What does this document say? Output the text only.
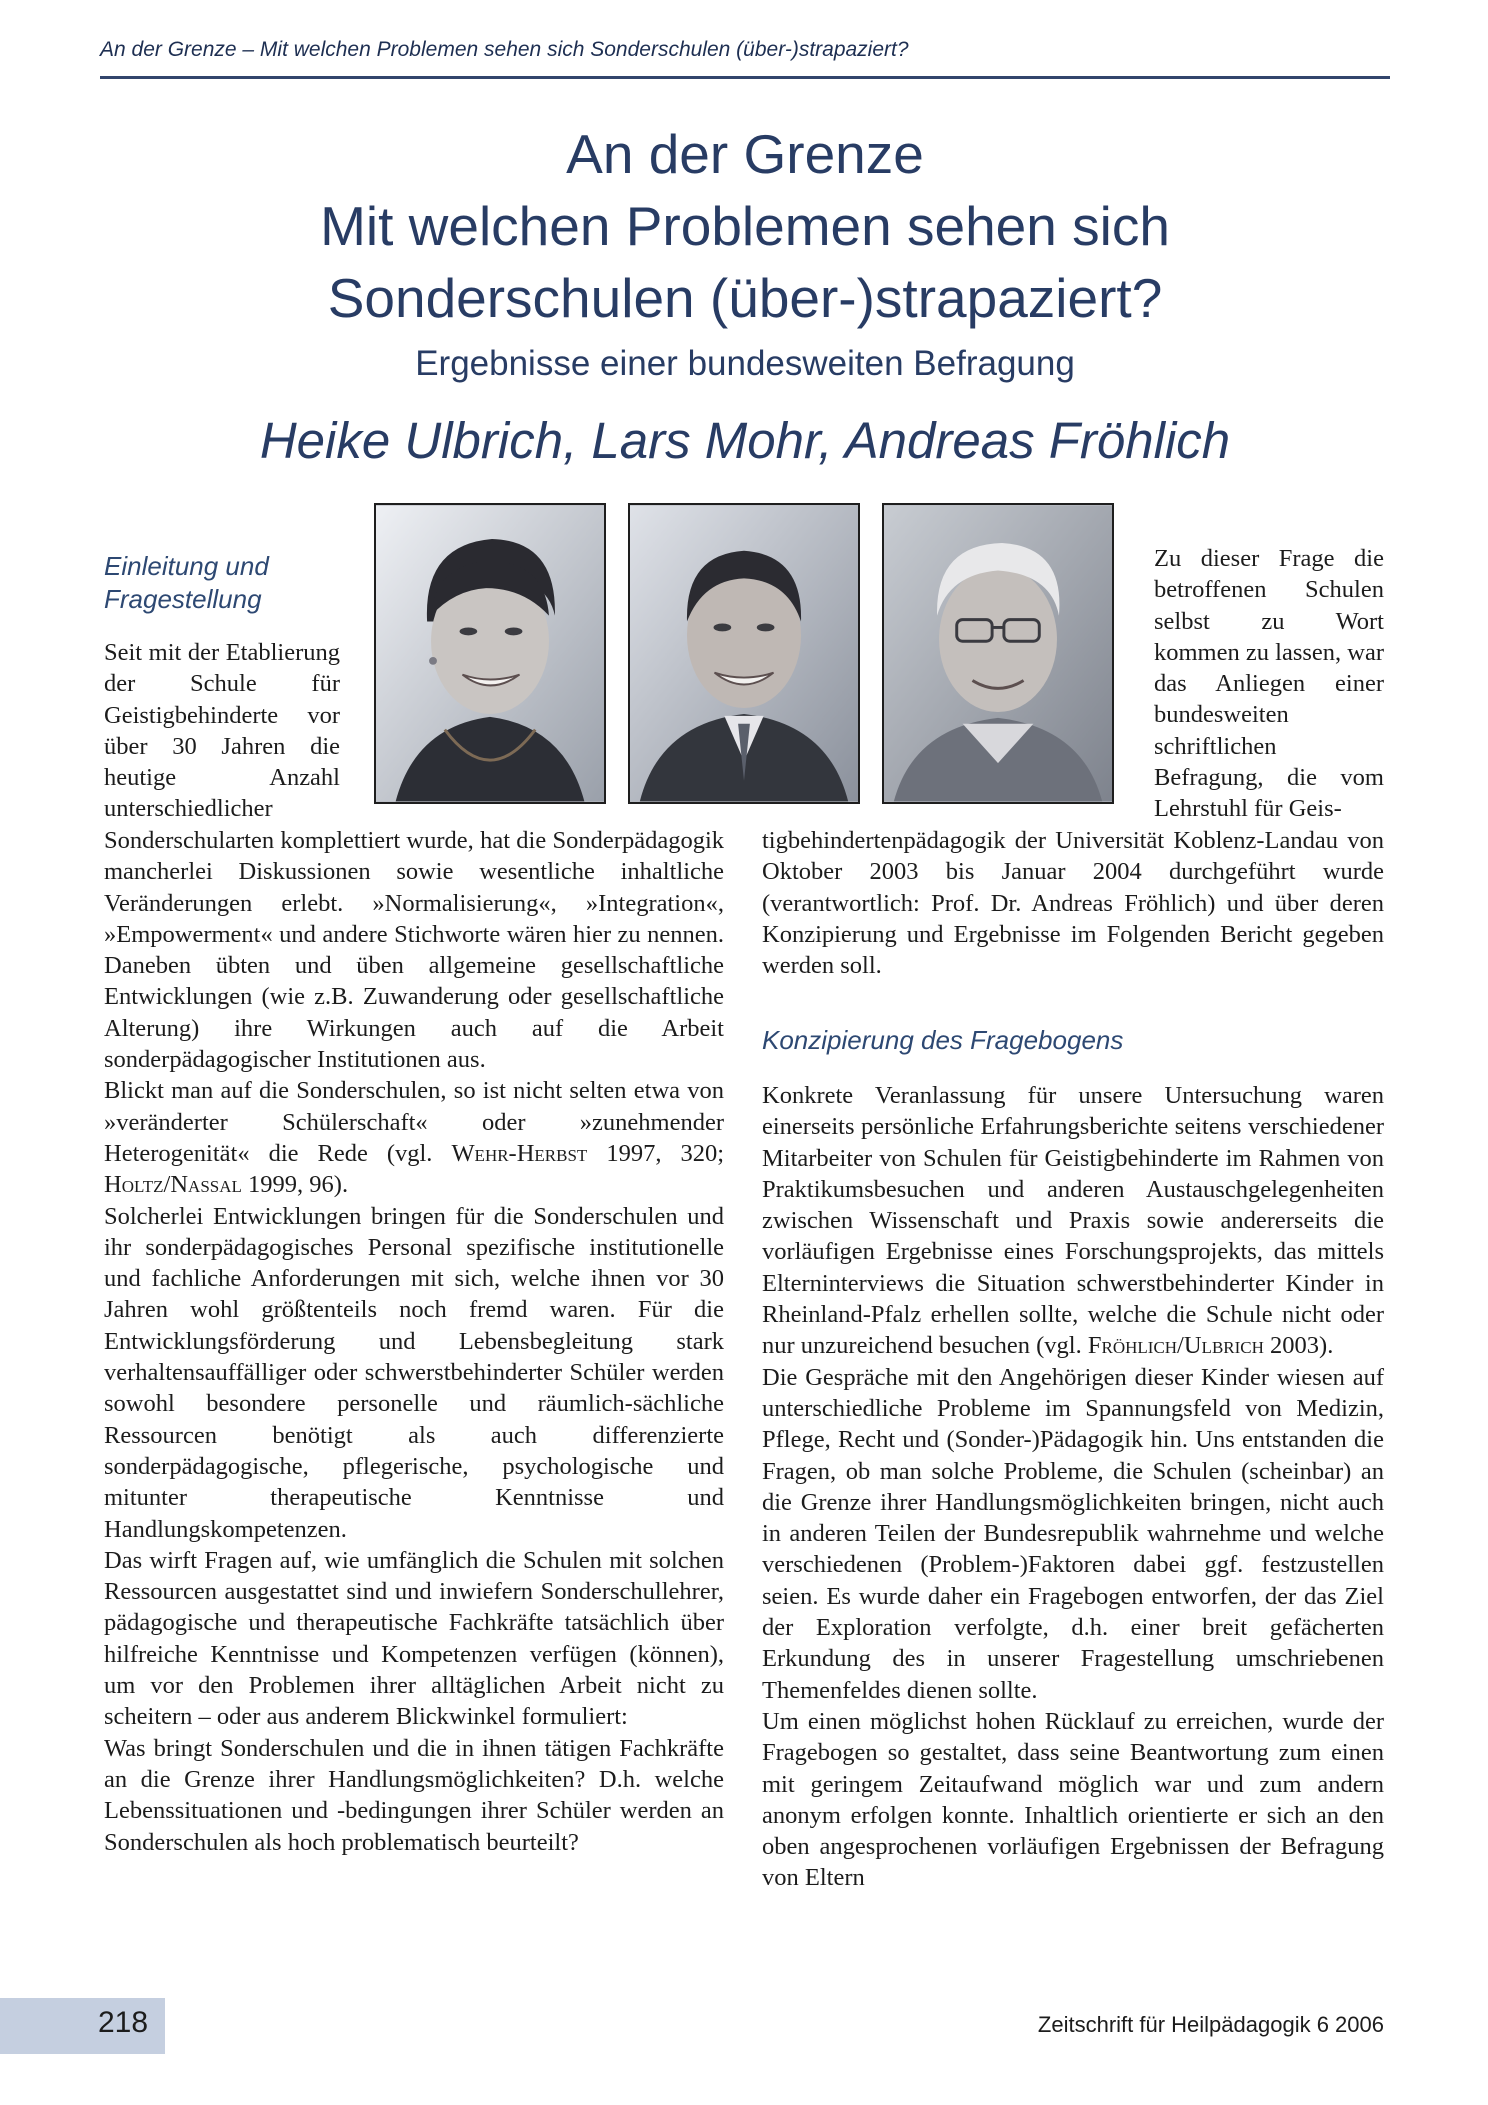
An der Grenze – Mit welchen Problemen sehen sich Sonderschulen (über-)strapaziert?
An der Grenze
Mit welchen Problemen sehen sich
Sonderschulen (über-)strapaziert?
Ergebnisse einer bundesweiten Befragung
Heike Ulbrich, Lars Mohr, Andreas Fröhlich
Einleitung und Fragestellung

Seit mit der Etablierung der Schule für Geistigbehinderte vor über 30 Jahren die heutige Anzahl unterschiedlicher

Sonderschularten komplettiert wurde, hat die Sonderpädagogik mancherlei Diskussionen sowie wesentliche inhaltliche Veränderungen erlebt. »Normalisierung«, »Integration«, »Empowerment« und andere Stichworte wären hier zu nennen. Daneben übten und üben allgemeine gesellschaftliche Entwicklungen (wie z.B. Zuwanderung oder gesellschaftliche Alterung) ihre Wirkungen auch auf die Arbeit sonderpädagogischer Institutionen aus.

Blickt man auf die Sonderschulen, so ist nicht selten etwa von »veränderter Schülerschaft« oder »zunehmender Heterogenität« die Rede (vgl. Wehr-Herbst 1997, 320; Holtz/Nassal 1999, 96).

Solcherlei Entwicklungen bringen für die Sonderschulen und ihr sonderpädagogisches Personal spezifische institutionelle und fachliche Anforderungen mit sich, welche ihnen vor 30 Jahren wohl größtenteils noch fremd waren. Für die Entwicklungsförderung und Lebensbegleitung stark verhaltensauffälliger oder schwerstbehinderter Schüler werden sowohl besondere personelle und räumlich-sächliche Ressourcen benötigt als auch differenzierte sonderpädagogische, pflegerische, psychologische und mitunter therapeutische Kenntnisse und Handlungskompetenzen.

Das wirft Fragen auf, wie umfänglich die Schulen mit solchen Ressourcen ausgestattet sind und inwiefern Sonderschullehrer, pädagogische und therapeutische Fachkräfte tatsächlich über hilfreiche Kenntnisse und Kompetenzen verfügen (können), um vor den Problemen ihrer alltäglichen Arbeit nicht zu scheitern – oder aus anderem Blickwinkel formuliert:

Was bringt Sonderschulen und die in ihnen tätigen Fachkräfte an die Grenze ihrer Handlungsmöglichkeiten? D.h. welche Lebenssituationen und -bedingungen ihrer Schüler werden an Sonderschulen als hoch problematisch beurteilt?

Zu dieser Frage die betroffenen Schulen selbst zu Wort kommen zu lassen, war das Anliegen einer bundesweiten schriftlichen Befragung, die vom Lehrstuhl für Geis-

tigbehindertenpädagogik der Universität Koblenz-Landau von Oktober 2003 bis Januar 2004 durchgeführt wurde (verantwortlich: Prof. Dr. Andreas Fröhlich) und über deren Konzipierung und Ergebnisse im Folgenden Bericht gegeben werden soll.

Konzipierung des Fragebogens

Konkrete Veranlassung für unsere Untersuchung waren einerseits persönliche Erfahrungsberichte seitens verschiedener Mitarbeiter von Schulen für Geistigbehinderte im Rahmen von Praktikumsbesuchen und anderen Austauschgelegenheiten zwischen Wissenschaft und Praxis sowie andererseits die vorläufigen Ergebnisse eines Forschungsprojekts, das mittels Elterninterviews die Situation schwerstbehinderter Kinder in Rheinland-Pfalz erhellen sollte, welche die Schule nicht oder nur unzureichend besuchen (vgl. Fröhlich/Ulbrich 2003).

Die Gespräche mit den Angehörigen dieser Kinder wiesen auf unterschiedliche Probleme im Spannungsfeld von Medizin, Pflege, Recht und (Sonder-)Pädagogik hin. Uns entstanden die Fragen, ob man solche Probleme, die Schulen (scheinbar) an die Grenze ihrer Handlungsmöglichkeiten bringen, nicht auch in anderen Teilen der Bundesrepublik wahrnehme und welche verschiedenen (Problem-)Faktoren dabei ggf. festzustellen seien. Es wurde daher ein Fragebogen entworfen, der das Ziel der Exploration verfolgte, d.h. einer breit gefächerten Erkundung des in unserer Fragestellung umschriebenen Themenfeldes dienen sollte.

Um einen möglichst hohen Rücklauf zu erreichen, wurde der Fragebogen so gestaltet, dass seine Beantwortung zum einen mit geringem Zeitaufwand möglich war und zum andern anonym erfolgen konnte. Inhaltlich orientierte er sich an den oben angesprochenen vorläufigen Ergebnissen der Befragung von Eltern

218	Zeitschrift für Heilpädagogik 6 2006
